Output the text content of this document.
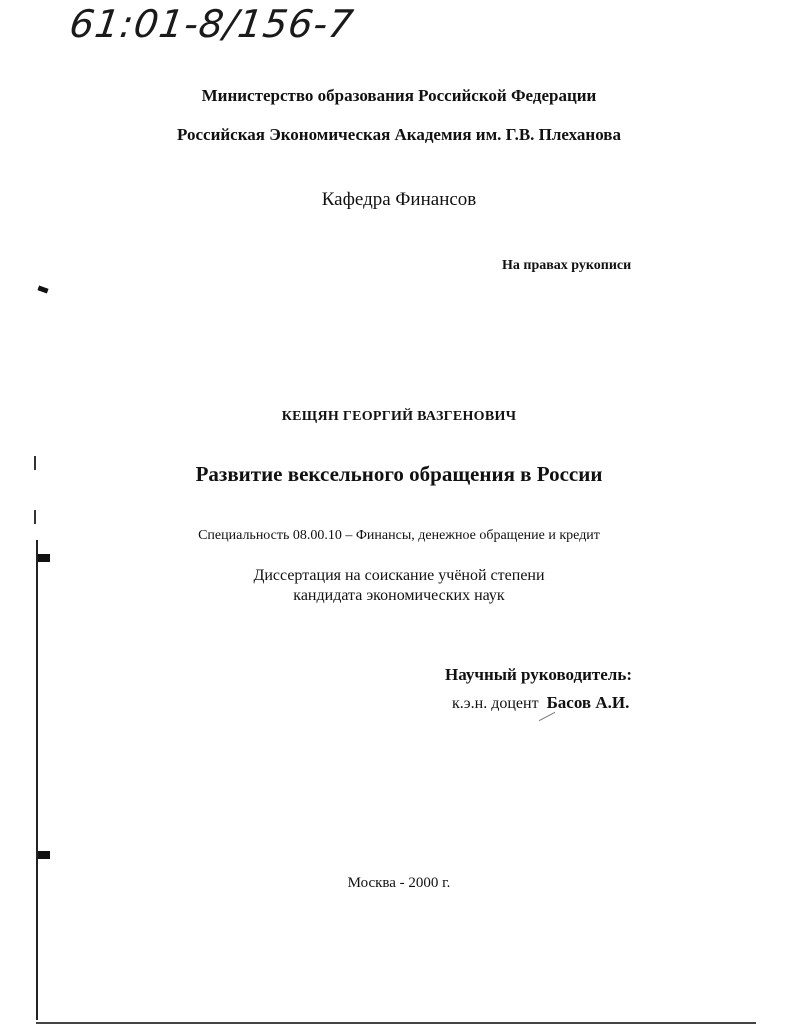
61:01-8/156-7
Министерство образования Российской Федерации
Российская Экономическая Академия им. Г.В. Плеханова
Кафедра Финансов
На правах рукописи
КЕЩЯН ГЕОРГИЙ ВАЗГЕНОВИЧ
Развитие вексельного обращения в России
Специальность 08.00.10 – Финансы, денежное обращение и кредит
Диссертация на соискание учёной степени
кандидата экономических наук
Научный руководитель:
к.э.н. доцент Басов А.И.
Москва - 2000 г.
